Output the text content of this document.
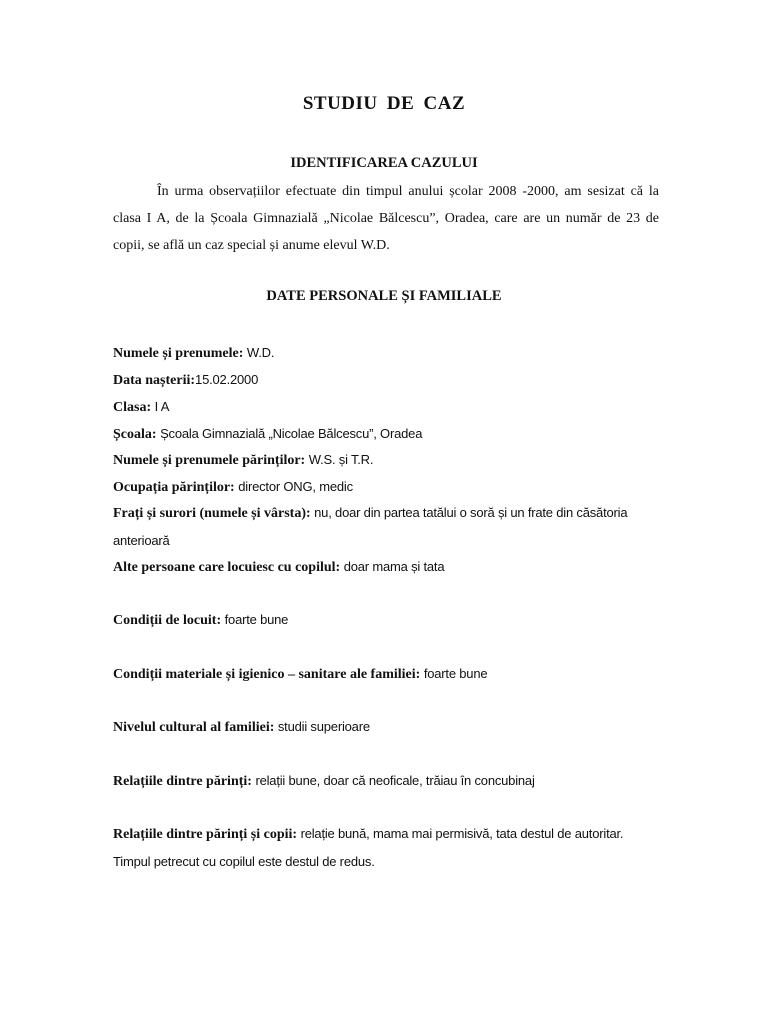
STUDIU DE CAZ
IDENTIFICAREA CAZULUI
În urma observațiilor efectuate din timpul anului școlar 2008 -2000, am sesizat că la clasa I A, de la Școala Gimnazială „Nicolae Bălcescu”, Oradea, care are un număr de 23 de copii, se află un caz special și anume elevul W.D.
DATE PERSONALE ȘI FAMILIALE
Numele și prenumele: W.D.
Data nașterii:15.02.2000
Clasa: I A
Școala: Școala Gimnazială „Nicolae Bălcescu”, Oradea
Numele și prenumele părinților: W.S. și T.R.
Ocupația părinților: director ONG, medic
Frați și surori (numele și vârsta): nu, doar din partea tatălui o soră și un frate din căsătoria anterioară
Alte persoane care locuiesc cu copilul: doar mama și tata
Condiții de locuit: foarte bune
Condiții materiale și igienico – sanitare ale familiei: foarte bune
Nivelul cultural al familiei: studii superioare
Relațiile dintre părinți: relații bune, doar că neoficale, trăiau în concubinaj
Relațiile dintre părinți și copii: relație bună, mama mai permisivă, tata destul de autoritar. Timpul petrecut cu copilul este destul de redus.
